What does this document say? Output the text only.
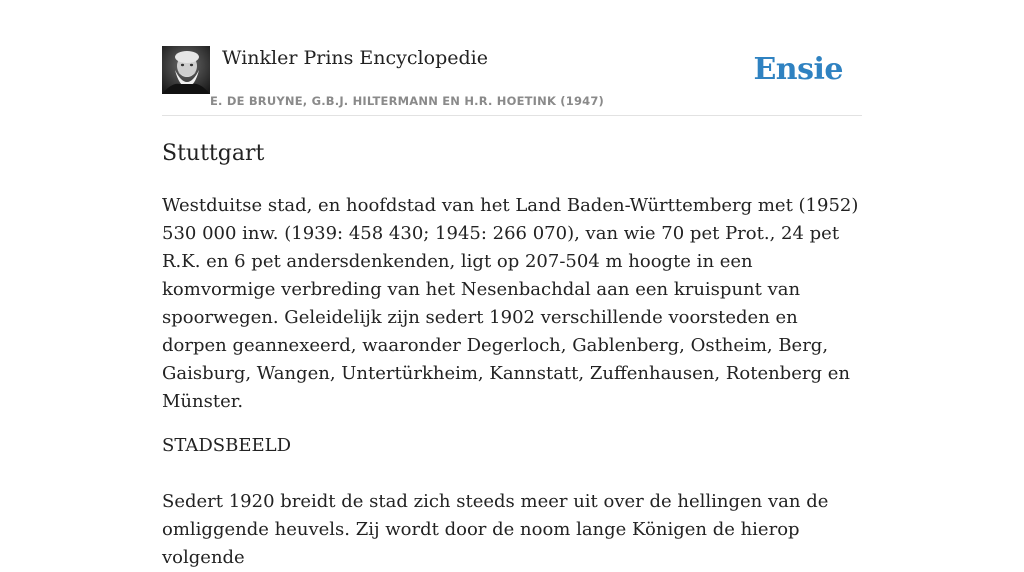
Winkler Prins Encyclopedie
E. DE BRUYNE, G.B.J. HILTERMANN EN H.R. HOETINK (1947)
Ensie
Stuttgart

Westduitse stad, en hoofdstad van het Land Baden-Württemberg met (1952) 530 000 inw. (1939: 458 430; 1945: 266 070), van wie 70 pet Prot., 24 pet R.K. en 6 pet andersdenkenden, ligt op 207-504 m hoogte in een komvormige verbreding van het Nesenbachdal aan een kruispunt van spoorwegen. Geleidelijk zijn sedert 1902 verschillende voorsteden en dorpen geannexeerd, waaronder Degerloch, Gablenberg, Ostheim, Berg, Gaisburg, Wangen, Untertürkheim, Kannstatt, Zuffenhausen, Rotenberg en Münster.

STADSBEELD

Sedert 1920 breidt de stad zich steeds meer uit over de hellingen van de omliggende heuvels. Zij wordt door de noom lange Königen de hierop volgende
